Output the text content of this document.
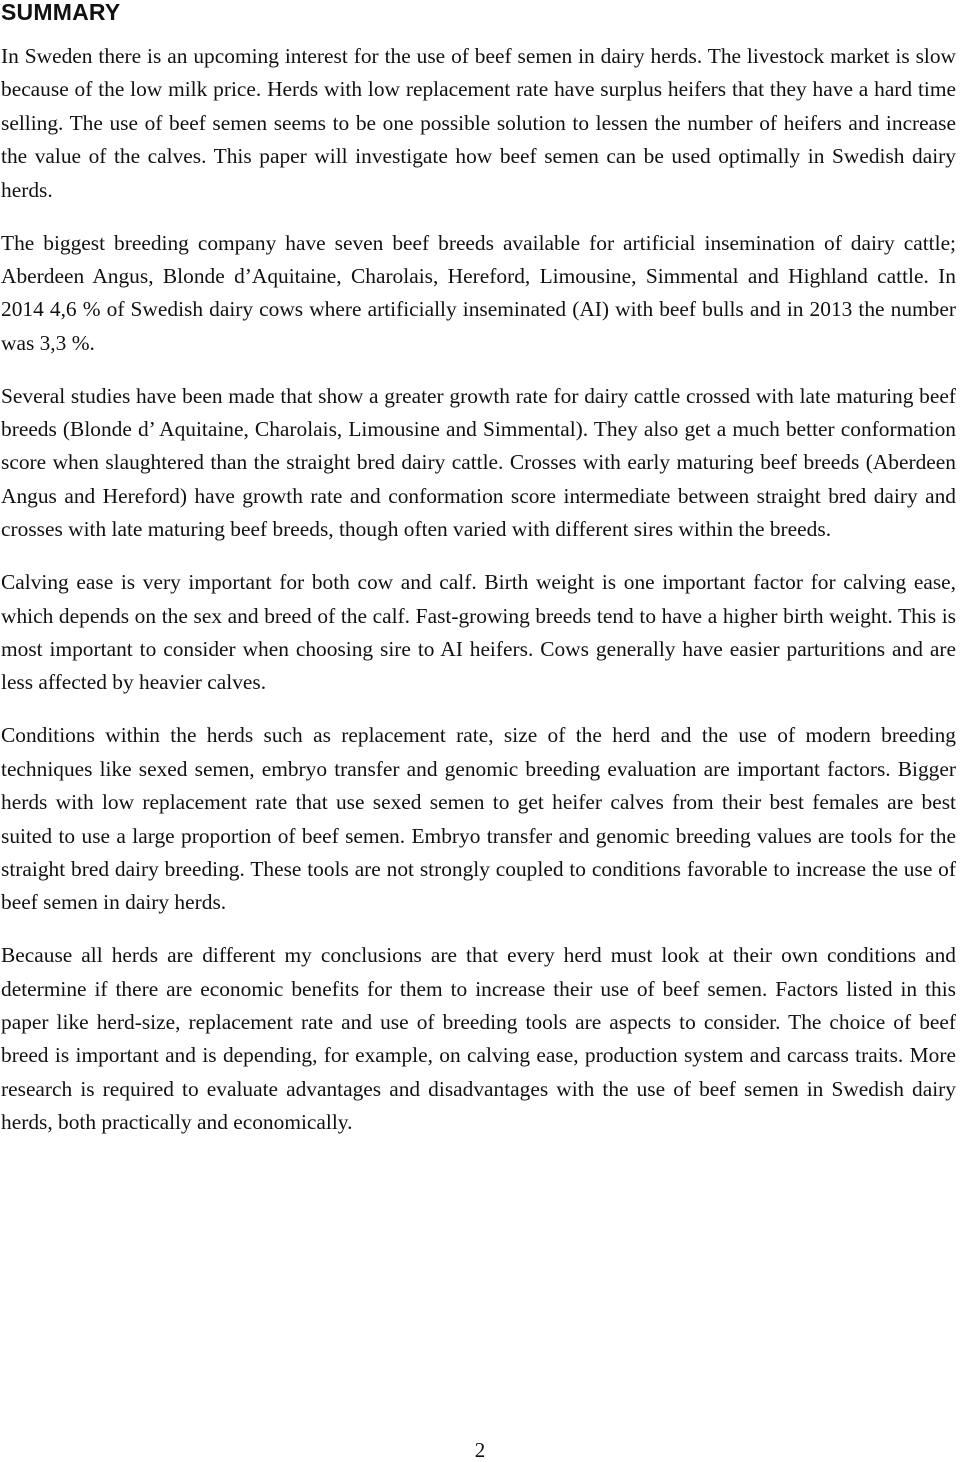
SUMMARY

In Sweden there is an upcoming interest for the use of beef semen in dairy herds. The livestock market is slow because of the low milk price. Herds with low replacement rate have surplus heifers that they have a hard time selling. The use of beef semen seems to be one possible solution to lessen the number of heifers and increase the value of the calves. This paper will investigate how beef semen can be used optimally in Swedish dairy herds.

The biggest breeding company have seven beef breeds available for artificial insemination of dairy cattle; Aberdeen Angus, Blonde d’Aquitaine, Charolais, Hereford, Limousine, Simmental and Highland cattle. In 2014 4,6 % of Swedish dairy cows where artificially inseminated (AI) with beef bulls and in 2013 the number was 3,3 %.

Several studies have been made that show a greater growth rate for dairy cattle crossed with late maturing beef breeds (Blonde d’ Aquitaine, Charolais, Limousine and Simmental). They also get a much better conformation score when slaughtered than the straight bred dairy cattle. Crosses with early maturing beef breeds (Aberdeen Angus and Hereford) have growth rate and conformation score intermediate between straight bred dairy and crosses with late maturing beef breeds, though often varied with different sires within the breeds.

Calving ease is very important for both cow and calf. Birth weight is one important factor for calving ease, which depends on the sex and breed of the calf. Fast-growing breeds tend to have a higher birth weight. This is most important to consider when choosing sire to AI heifers. Cows generally have easier parturitions and are less affected by heavier calves.

Conditions within the herds such as replacement rate, size of the herd and the use of modern breeding techniques like sexed semen, embryo transfer and genomic breeding evaluation are important factors. Bigger herds with low replacement rate that use sexed semen to get heifer calves from their best females are best suited to use a large proportion of beef semen. Embryo transfer and genomic breeding values are tools for the straight bred dairy breeding. These tools are not strongly coupled to conditions favorable to increase the use of beef semen in dairy herds.

Because all herds are different my conclusions are that every herd must look at their own conditions and determine if there are economic benefits for them to increase their use of beef semen. Factors listed in this paper like herd-size, replacement rate and use of breeding tools are aspects to consider. The choice of beef breed is important and is depending, for example, on calving ease, production system and carcass traits. More research is required to evaluate advantages and disadvantages with the use of beef semen in Swedish dairy herds, both practically and economically.

2
